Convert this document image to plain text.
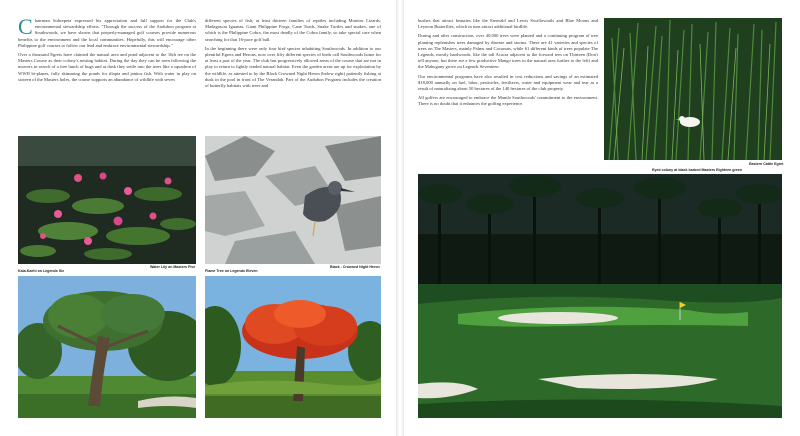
C hairman Sohrepeia expressed his appreciation and full support for the Club's environmental stewardship efforts. "Through the success of the Audubon program at Southwoods, we have shown that properly-managed golf courses provide numerous benefits to the environment and the local communities. Hopefully, this will encourage other Philippine golf courses to follow our lead and embrace environmental stewardship."

Over a thousand Egrets have claimed the natural area and pond adjacent to the 16th tee on the Masters Course as their colony's nesting habitat. During the day they can be seen following the mowers in search of a free lunch of bugs and at dusk they settle into the trees like a squadron of WWII bi-planes, fully skimming the ponds for tilapia and janitor fish. With water in play on sixteen of the Masters holes, the course supports an abundance of wildlife with seven

different species of fish, at least thirteen families of reptiles including Monitor Lizards, Madagascar Iguanas, Giant Philippine Frogs, Cane Toads, Snake Turtles and snakes, one of which is the Philippine Cobra, the most deadly of the Cobra family, so take special care when searching for that 16-pace golf ball.

In the beginning there were only four bird species inhabiting Southwoods. In addition to our plentiful Egrets and Herons, now over fifty different species of birds call Southwoods home for at least a part of the year. The club has progressively allowed areas of the course that are not in play to return to lightly tended natural habitat. Even the garden areas are up for exploitation by the wildlife, as attested to by the Black Crowned Night Heron (below right) patiently fishing at dusk in the pool in front of The Verandah. Part of the Audubon Program includes the creation of butterfly habitats with trees and

Water Lily on Masters Five
Kala-Kaehi on Legends Six
Black - Crowned Night Heron
Flame Tree on Legends Eleven

bushes that attract beauties like the Emerald and Lewis Swallowtails and Blue Moons and Leyteon Butterflies, which in turn attract additional birdlife.

During and after construction, over 40,000 trees were planted and a continuing program of tree planting replenishes trees damaged by disease and storms. There are 41 varieties and species of trees on The Masters, mainly Palms and Coconuts, while 61 different kinds of trees populate The Legends, mostly hardwoods, like the tall Acacia adjacent to the forward tees on Thirteen (Don't tell anyone, but there are a few productive Mango trees in the natural area further to the left) and the Mahogany grove on Legends Seventeen.

Our environmental programs have also resulted in cost reductions and savings of an estimated $18,000 annually on fuel, labor, pesticides, fertilizers, water and equipment wear and tear as a result of naturalizing about 50 hectares of the 140 hectares of the club property.

All golfers are encouraged to embrace the Manila Southwoods' commitment to the environment. There is no doubt that it enhances the golfing experience.

Eastern Cattle Egret
Eyed colony at black barbed Masters Eighteen green
